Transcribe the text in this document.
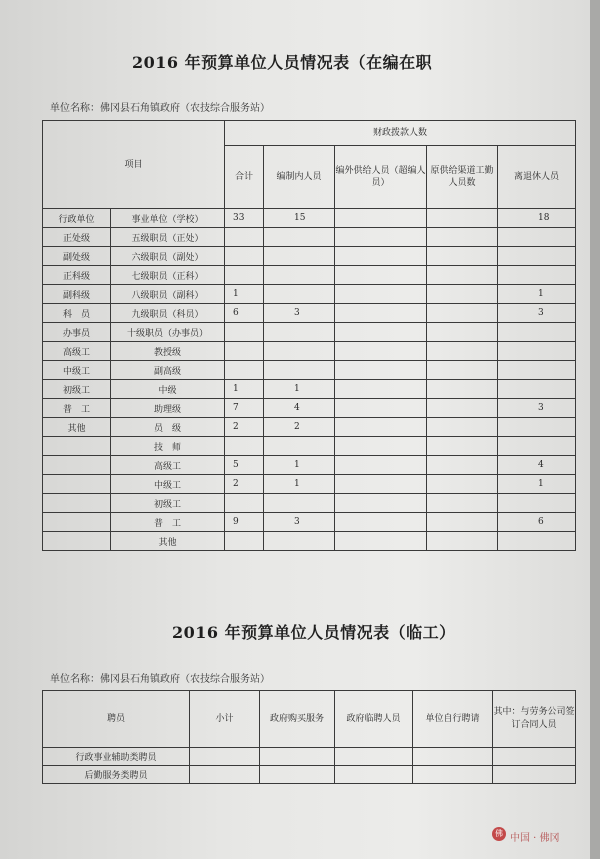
2016 年预算单位人员情况表（在编在职
单位名称：佛冈县石角镇政府（农技综合服务站）
项目		财政拨款人数				
		合计	编制内人员	编外供给人员（超编人员）	原供给渠道工勤人员数	离退休人员
行政单位	事业单位（学校）	33	15			18
正处级	五级职员（正处）					
副处级	六级职员（副处）					
正科级	七级职员（正科）					
副科级	八级职员（副科）	1				1
科　员	九级职员（科员）	6	3			3
办事员	十级职员（办事员）					
高级工	教授级					
中级工	副高级					
初级工	中级	1	1			
普　工	助理级	7	4			3
其他	员　级	2	2			
	技　师					
	高级工	5	1			4
	中级工	2	1			1
	初级工					
	普　工	9	3			6
	其他					
2016 年预算单位人员情况表（临工）
单位名称：佛冈县石角镇政府（农技综合服务站）
聘员	小计	政府购买服务	政府临聘人员	单位自行聘请	其中：与劳务公司签订合同人员
行政事业辅助类聘员					
后勤服务类聘员					
佛 中国 · 佛冈
